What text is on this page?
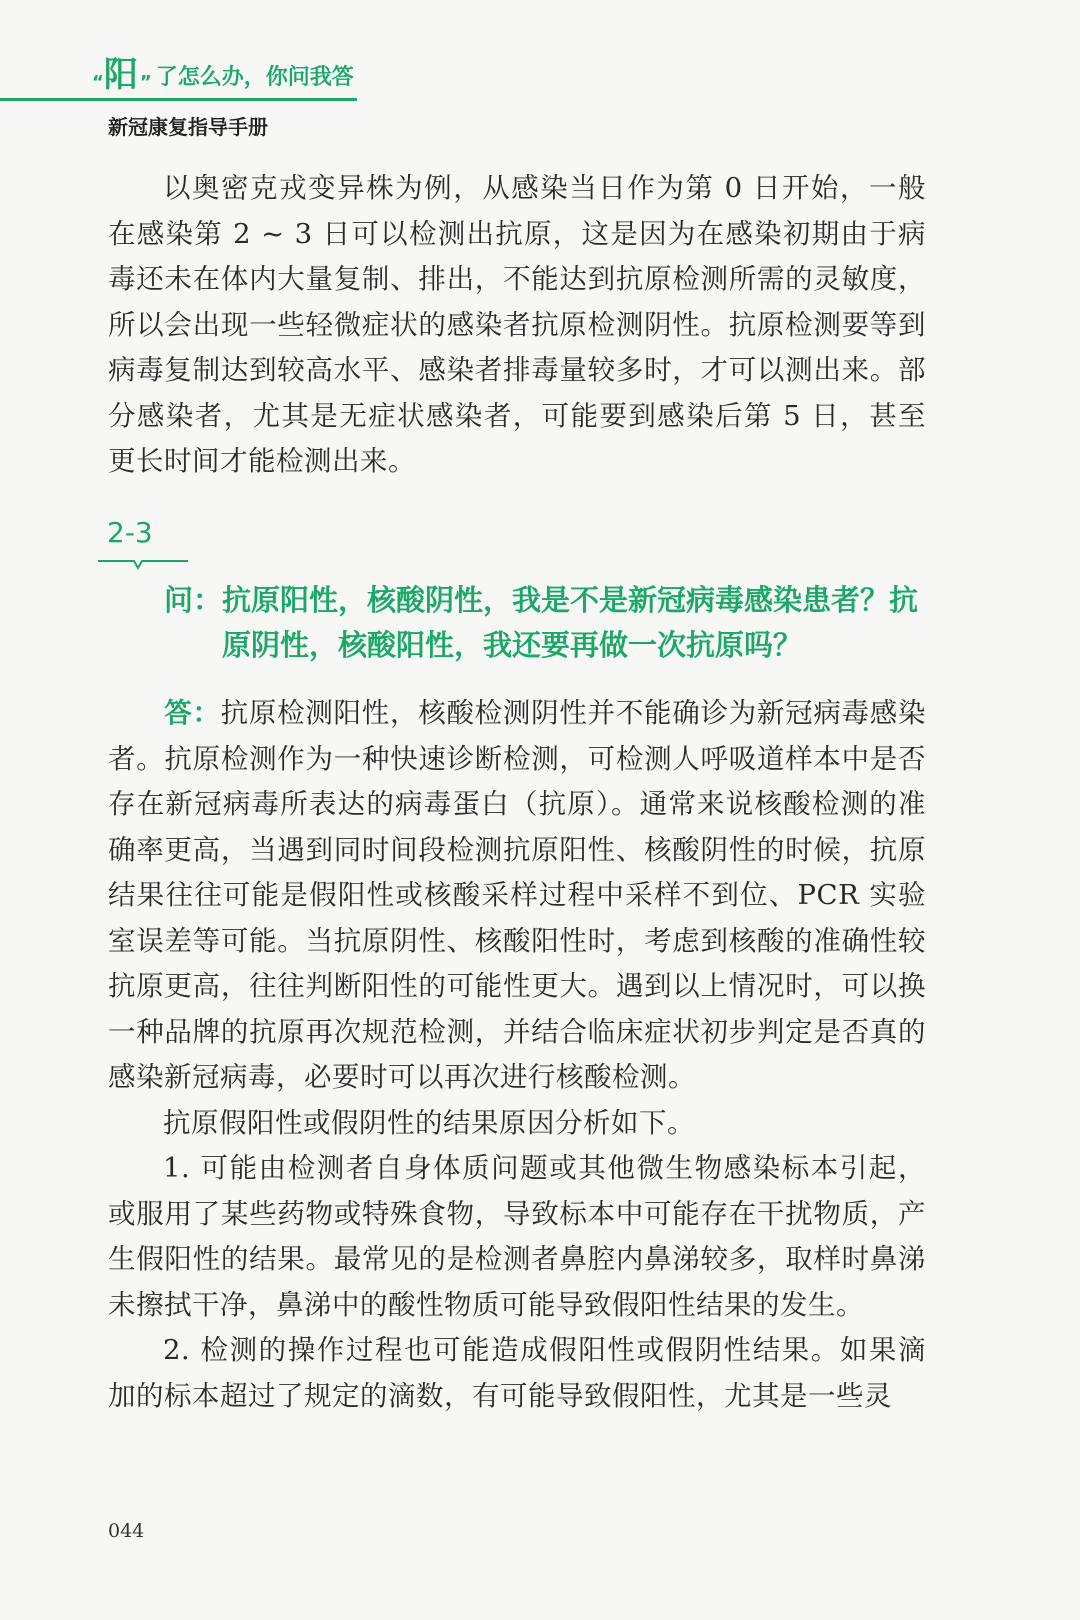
“ 阳 ” 了怎么办，你问我答
新冠康复指导手册

以奥密克戎变异株为例，从感染当日作为第 0 日开始，一般在感染第 2 ~ 3 日可以检测出抗原，这是因为在感染初期由于病毒还未在体内大量复制、排出，不能达到抗原检测所需的灵敏度，所以会出现一些轻微症状的感染者抗原检测阴性。抗原检测要等到病毒复制达到较高水平、感染者排毒量较多时，才可以测出来。部分感染者，尤其是无症状感染者，可能要到感染后第 5 日，甚至更长时间才能检测出来。

2-3
问： 抗原阳性，核酸阴性，我是不是新冠病毒感染患者？抗原阴性，核酸阳性，我还要再做一次抗原吗？

答：抗原检测阳性，核酸检测阴性并不能确诊为新冠病毒感染者。抗原检测作为一种快速诊断检测，可检测人呼吸道样本中是否存在新冠病毒所表达的病毒蛋白（抗原）。通常来说核酸检测的准确率更高，当遇到同时间段检测抗原阳性、核酸阴性的时候，抗原结果往往可能是假阳性或核酸采样过程中采样不到位、PCR 实验室误差等可能。当抗原阴性、核酸阳性时，考虑到核酸的准确性较抗原更高，往往判断阳性的可能性更大。遇到以上情况时，可以换一种品牌的抗原再次规范检测，并结合临床症状初步判定是否真的感染新冠病毒，必要时可以再次进行核酸检测。

抗原假阳性或假阴性的结果原因分析如下。

1. 可能由检测者自身体质问题或其他微生物感染标本引起，或服用了某些药物或特殊食物，导致标本中可能存在干扰物质，产生假阳性的结果。最常见的是检测者鼻腔内鼻涕较多，取样时鼻涕未擦拭干净，鼻涕中的酸性物质可能导致假阳性结果的发生。

2. 检测的操作过程也可能造成假阳性或假阴性结果。如果滴加的标本超过了规定的滴数，有可能导致假阳性，尤其是一些灵

044
